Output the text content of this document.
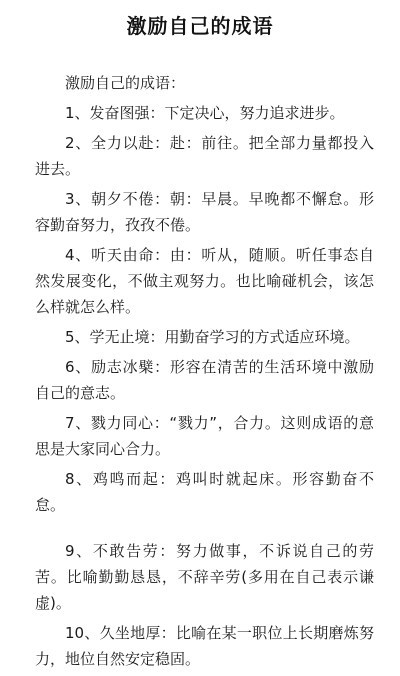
激励自己的成语

激励自己的成语：

1、发奋图强：下定决心，努力追求进步。

2、全力以赴：赴：前往。把全部力量都投入进去。

3、朝夕不倦：朝：早晨。早晚都不懈怠。形容勤奋努力，孜孜不倦。

4、听天由命：由：听从，随顺。听任事态自然发展变化，不做主观努力。也比喻碰机会，该怎么样就怎么样。

5、学无止境：用勤奋学习的方式适应环境。

6、励志冰檗：形容在清苦的生活环境中激励自己的意志。

7、戮力同心：“戮力”，合力。这则成语的意思是大家同心合力。

8、鸡鸣而起：鸡叫时就起床。形容勤奋不怠。

9、不敢告劳：努力做事，不诉说自己的劳苦。比喻勤勤恳恳，不辞辛劳(多用在自己表示谦虚)。

10、久坐地厚：比喻在某一职位上长期磨炼努力，地位自然安定稳固。
